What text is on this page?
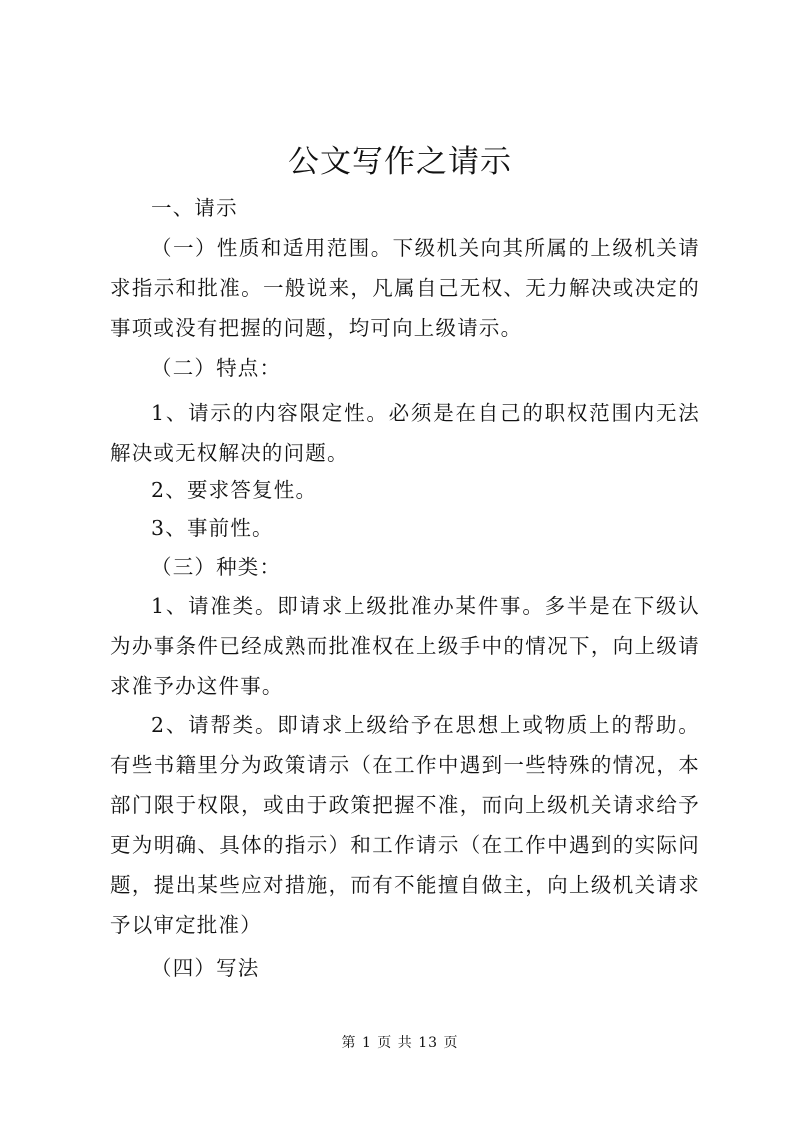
公文写作之请示

一、请示

（一）性质和适用范围。下级机关向其所属的上级机关请求指示和批准。一般说来，凡属自己无权、无力解决或决定的事项或没有把握的问题，均可向上级请示。

（二）特点：

1、请示的内容限定性。必须是在自己的职权范围内无法解决或无权解决的问题。

2、要求答复性。

3、事前性。

（三）种类：

1、请准类。即请求上级批准办某件事。多半是在下级认为办事条件已经成熟而批准权在上级手中的情况下，向上级请求准予办这件事。

2、请帮类。即请求上级给予在思想上或物质上的帮助。有些书籍里分为政策请示（在工作中遇到一些特殊的情况，本部门限于权限，或由于政策把握不准，而向上级机关请求给予更为明确、具体的指示）和工作请示（在工作中遇到的实际问题，提出某些应对措施，而有不能擅自做主，向上级机关请求予以审定批准）

（四）写法

第 1 页 共 13 页
